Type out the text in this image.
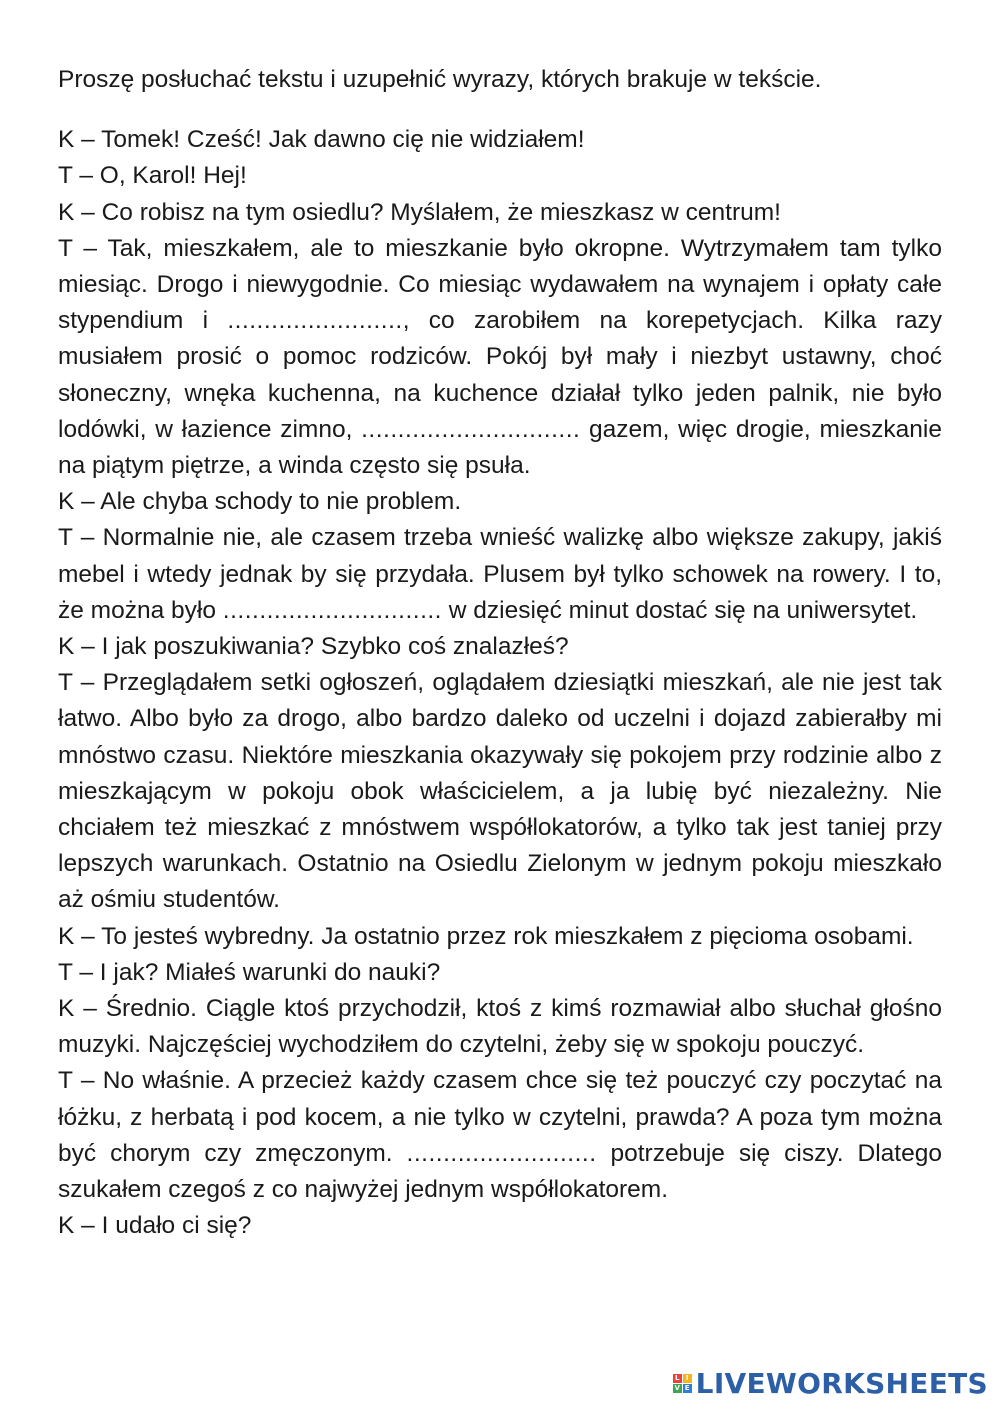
Proszę posłuchać tekstu i uzupełnić wyrazy, których brakuje w tekście.

K – Tomek! Cześć! Jak dawno cię nie widziałem!

T – O, Karol! Hej!

K – Co robisz na tym osiedlu? Myślałem, że mieszkasz w centrum!

T – Tak, mieszkałem, ale to mieszkanie było okropne. Wytrzymałem tam tylko miesiąc. Drogo i niewygodnie. Co miesiąc wydawałem na wynajem i opłaty całe stypendium i ........................, co zarobiłem na korepetycjach. Kilka razy musiałem prosić o pomoc rodziców. Pokój był mały i niezbyt ustawny, choć słoneczny, wnęka kuchenna, na kuchence działał tylko jeden palnik, nie było lodówki, w łazience zimno, .............................. gazem, więc drogie, mieszkanie na piątym piętrze, a winda często się psuła.

K – Ale chyba schody to nie problem.

T – Normalnie nie, ale czasem trzeba wnieść walizkę albo większe zakupy, jakiś mebel i wtedy jednak by się przydała. Plusem był tylko schowek na rowery. I to, że można było .............................. w dziesięć minut dostać się na uniwersytet.

K – I jak poszukiwania? Szybko coś znalazłeś?

T – Przeglądałem setki ogłoszeń, oglądałem dziesiątki mieszkań, ale nie jest tak łatwo. Albo było za drogo, albo bardzo daleko od uczelni i dojazd zabierałby mi mnóstwo czasu. Niektóre mieszkania okazywały się pokojem przy rodzinie albo z mieszkającym w pokoju obok właścicielem, a ja lubię być niezależny. Nie chciałem też mieszkać z mnóstwem współlokatorów, a tylko tak jest taniej przy lepszych warunkach. Ostatnio na Osiedlu Zielonym w jednym pokoju mieszkało aż ośmiu studentów.

K – To jesteś wybredny. Ja ostatnio przez rok mieszkałem z pięcioma osobami.

T – I jak? Miałeś warunki do nauki?

K – Średnio. Ciągle ktoś przychodził, ktoś z kimś rozmawiał albo słuchał głośno muzyki. Najczęściej wychodziłem do czytelni, żeby się w spokoju pouczyć.

T – No właśnie. A przecież każdy czasem chce się też pouczyć czy poczytać na łóżku, z herbatą i pod kocem, a nie tylko w czytelni, prawda? A poza tym można być chorym czy zmęczonym. .......................... potrzebuje się ciszy. Dlatego szukałem czegoś z co najwyżej jednym współlokatorem.

K – I udało ci się?

L I
V E LIVEWORKSHEETS
